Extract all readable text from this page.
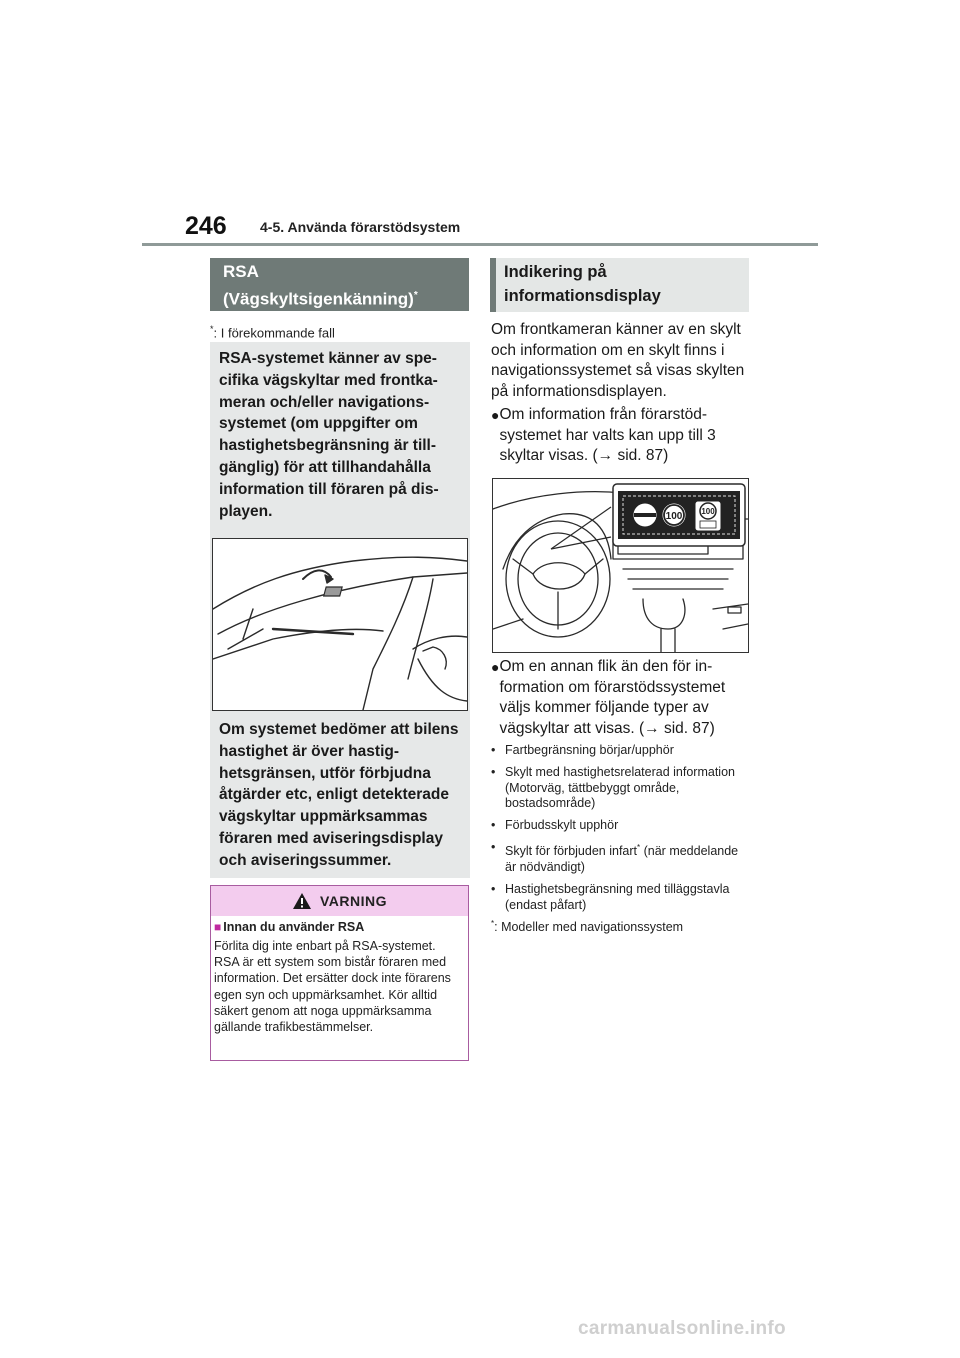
246 4-5. Använda förarstödsystem
RSA
(Vägskyltsigenkänning)*
*: I förekommande fall
RSA-systemet känner av specifika vägskyltar med frontkameran och/eller navigationssystemet (om uppgifter om hastighetsbegränsning är tillgänglig) för att tillhandahålla information till föraren på displayen.
Om systemet bedömer att bilens hastighet är över hastighetsgränsen, utför förbjudna åtgärder etc, enligt detekterade vägskyltar uppmärksammas föraren med aviseringsdisplay och aviseringssummer.
VARNING
■ Innan du använder RSA
Förlita dig inte enbart på RSA-systemet. RSA är ett system som bistår föraren med information. Det ersätter dock inte förarens egen syn och uppmärksamhet. Kör alltid säkert genom att noga uppmärksamma gällande trafikbestämmelser.
Indikering på informationsdisplay
Om frontkameran känner av en skylt och information om en skylt finns i navigationssystemet så visas skylten på informationsdisplayen.
● Om information från förarstödsystemet har valts kan upp till 3 skyltar visas. (→ sid. 87)
100 100
● Om en annan flik än den för information om förarstödssystemet väljs kommer följande typer av vägskyltar att visas. (→ sid. 87)
• Fartbegränsning börjar/upphör
• Skylt med hastighetsrelaterad information (Motorväg, tättbebyggt område, bostadsområde)
• Förbudsskylt upphör
• Skylt för förbjuden infart* (när meddelande är nödvändigt)
• Hastighetsbegränsning med tilläggstavla (endast påfart)
*: Modeller med navigationssystem
carmanualsonline.info
